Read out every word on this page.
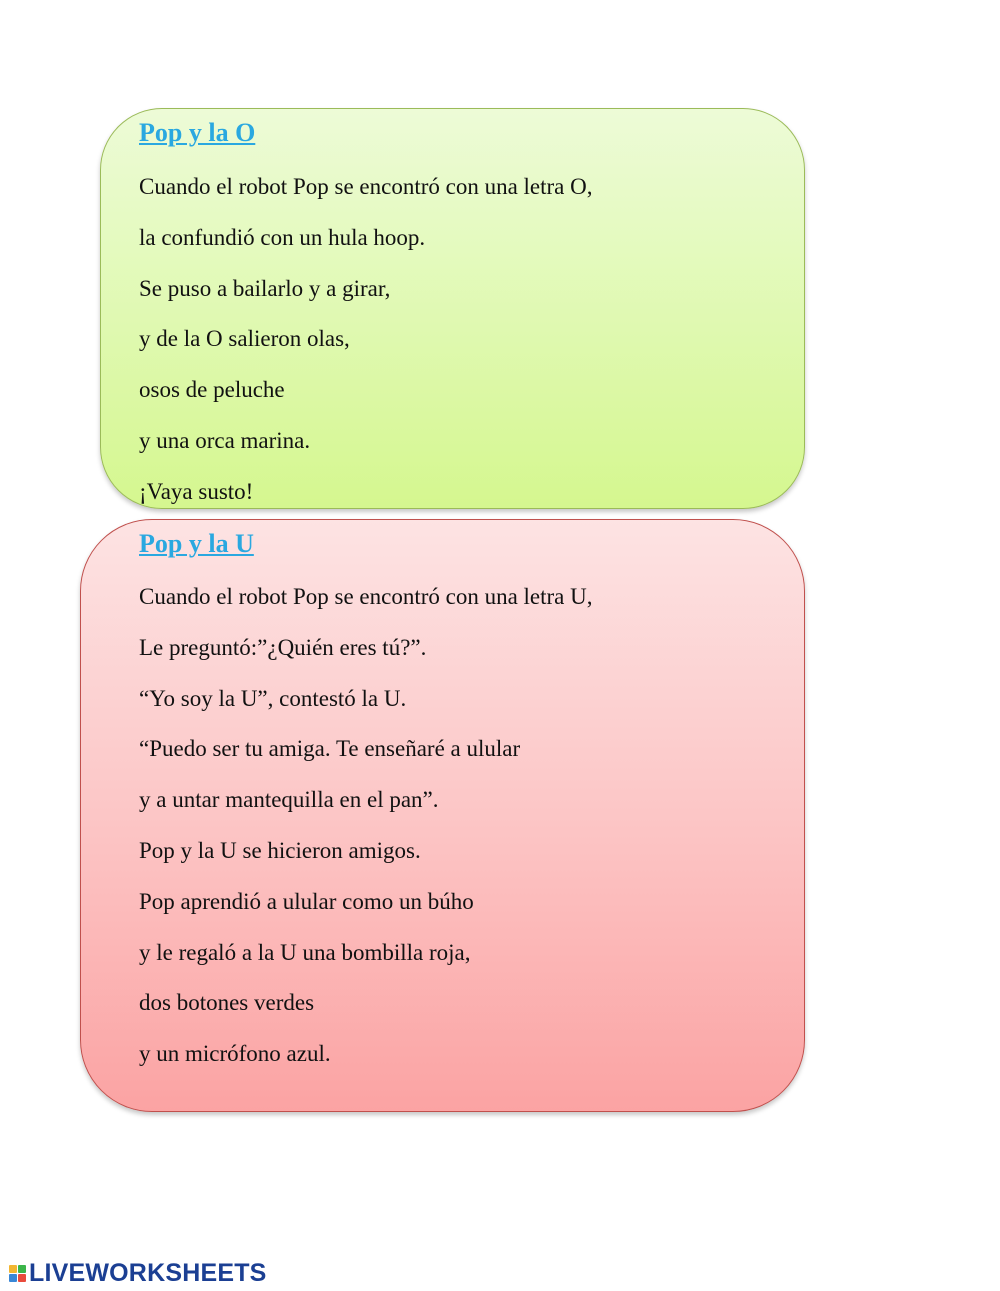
Pop y la O
Cuando el robot Pop se encontró con una letra O,
la confundió con un hula hoop.
Se puso a bailarlo y a girar,
y de la O salieron olas,
osos de peluche
y una orca marina.
¡Vaya susto!
Pop y la U
Cuando el robot Pop se encontró con una letra U,
Le preguntó:”¿Quién eres tú?”.
“Yo soy la U”, contestó la U.
“Puedo ser tu amiga. Te enseñaré a ulular
y a untar mantequilla en el pan”.
Pop y la U se hicieron amigos.
Pop aprendió a ulular como un búho
y le regaló a la U una bombilla roja,
dos botones verdes
y un micrófono azul.
LIVEWORKSHEETS
